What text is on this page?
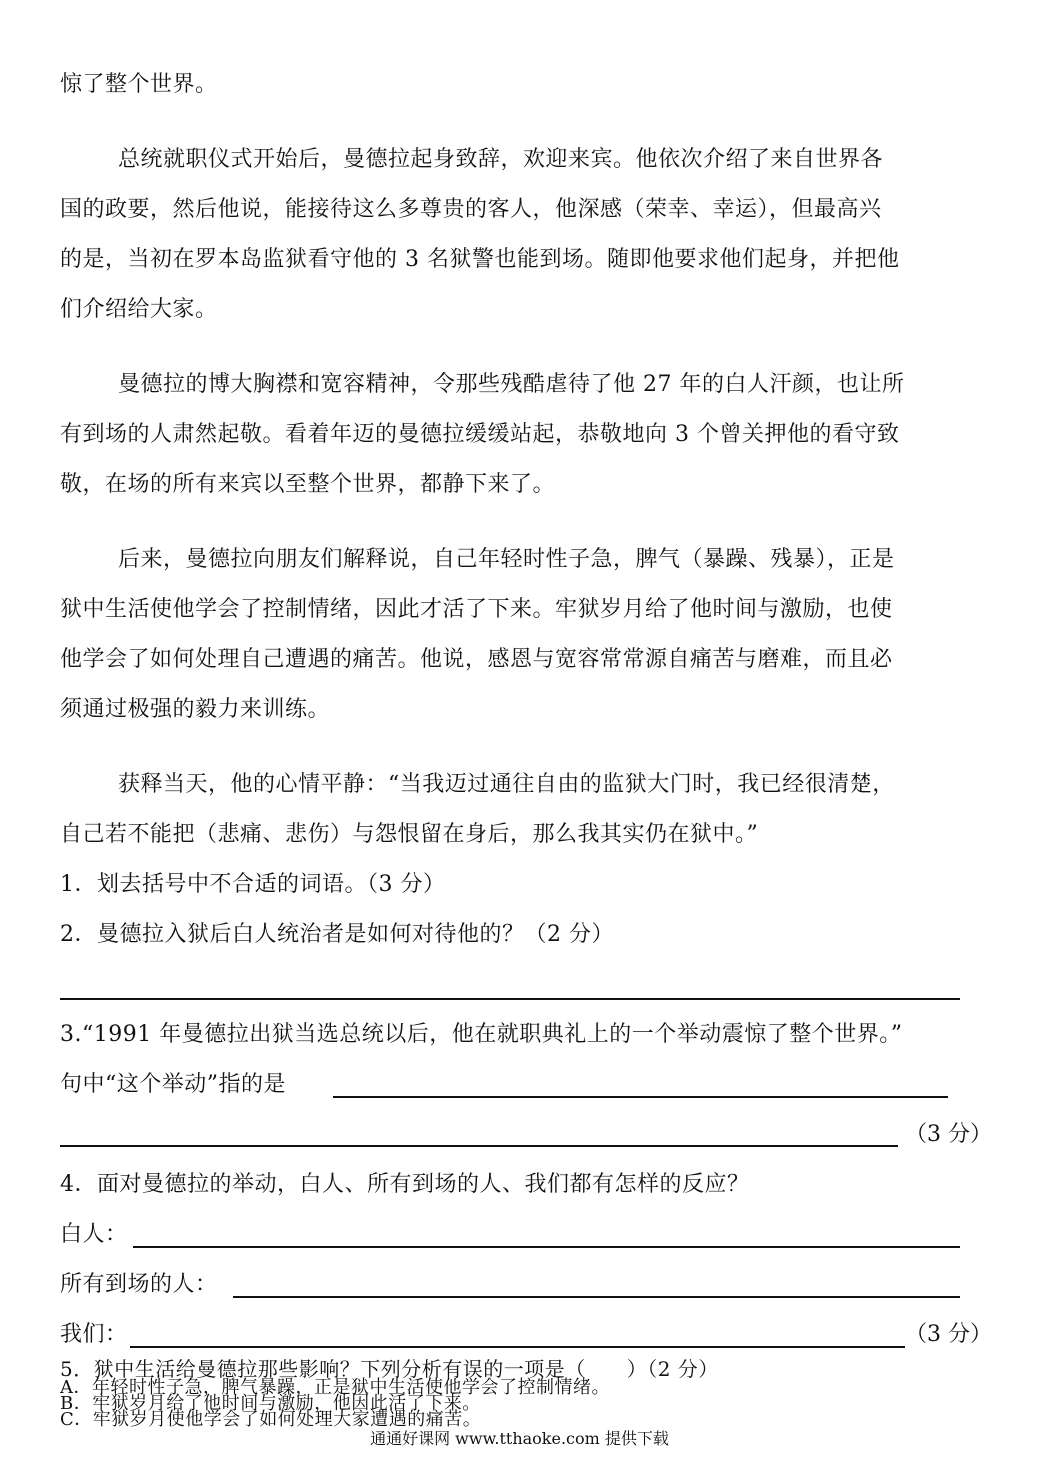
惊了整个世界。
总统就职仪式开始后，曼德拉起身致辞，欢迎来宾。他依次介绍了来自世界各
国的政要，然后他说，能接待这么多尊贵的客人，他深感（荣幸、幸运），但最高兴
的是，当初在罗本岛监狱看守他的 3 名狱警也能到场。随即他要求他们起身，并把他
们介绍给大家。
曼德拉的博大胸襟和宽容精神，令那些残酷虐待了他 27 年的白人汗颜，也让所
有到场的人肃然起敬。看着年迈的曼德拉缓缓站起，恭敬地向 3 个曾关押他的看守致
敬，在场的所有来宾以至整个世界，都静下来了。
后来，曼德拉向朋友们解释说，自己年轻时性子急，脾气（暴躁、残暴），正是
狱中生活使他学会了控制情绪，因此才活了下来。牢狱岁月给了他时间与激励，也使
他学会了如何处理自己遭遇的痛苦。他说，感恩与宽容常常源自痛苦与磨难，而且必
须通过极强的毅力来训练。
获释当天，他的心情平静：“当我迈过通往自由的监狱大门时，我已经很清楚，
自己若不能把（悲痛、悲伤）与怨恨留在身后，那么我其实仍在狱中。”
1．划去括号中不合适的词语。（3 分）
2．曼德拉入狱后白人统治者是如何对待他的？（2 分）
3.“1991 年曼德拉出狱当选总统以后，他在就职典礼上的一个举动震惊了整个世界。”
句中“这个举动”指的是
（3 分）
4．面对曼德拉的举动，白人、所有到场的人、我们都有怎样的反应？
白人：
所有到场的人：
我们：	（3 分）
5．狱中生活给曼德拉那些影响？下列分析有误的一项是（　　）（2 分）
A．年轻时性子急，脾气暴躁，正是狱中生活使他学会了控制情绪。
B．牢狱岁月给了他时间与激励，他因此活了下来。
C．牢狱岁月使他学会了如何处理大家遭遇的痛苦。
通通好课网 www.tthaoke.com 提供下载
